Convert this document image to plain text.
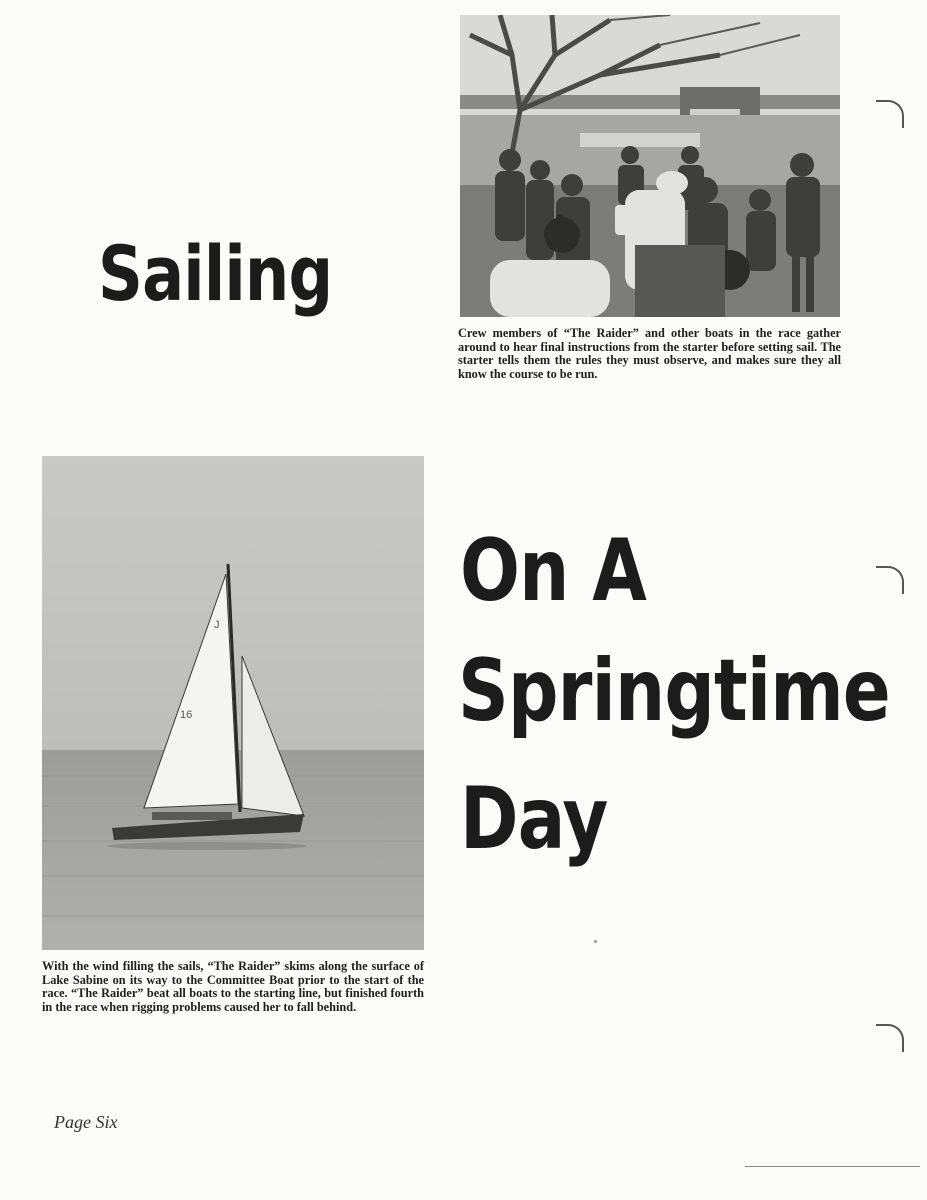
Crew members of “The Raider” and other boats in the race gather around to hear final instructions from the starter before setting sail. The starter tells them the rules they must observe, and makes sure they all know the course to be run.
Sailing
J
16
With the wind filling the sails, “The Raider” skims along the surface of Lake Sabine on its way to the Committee Boat prior to the start of the race. “The Raider” beat all boats to the starting line, but finished fourth in the race when rigging problems caused her to fall behind.
On A
Springtime
Day
Page Six
